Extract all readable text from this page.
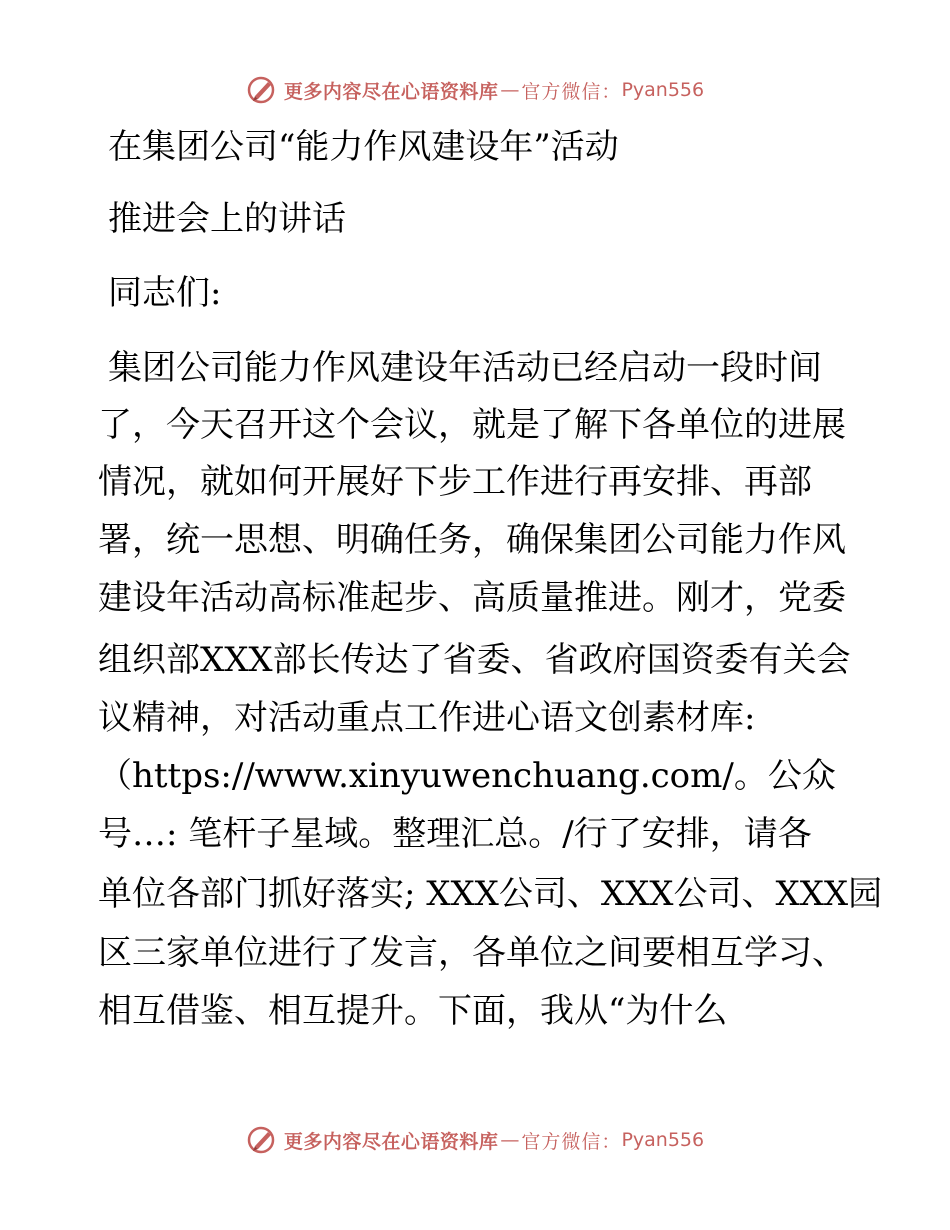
更多内容尽在心语资料库 — 官方微信： Pyan556
在集团公司“能力作风建设年”活动
推进会上的讲话
同志们:
集团公司能力作风建设年活动已经启动一段时间
了，今天召开这个会议，就是了解下各单位的进展
情况，就如何开展好下步工作进行再安排、再部
署，统一思想、明确任务，确保集团公司能力作风
建设年活动高标准起步、高质量推进。刚才，党委
组织部XXX部长传达了省委、省政府国资委有关会
议精神，对活动重点工作进心语文创素材库:
（https://www.xinyuwenchuang.com/。公众
号…: 笔杆子星域。整理汇总。/行了安排，请各
单位各部门抓好落实; XXX公司、XXX公司、XXX园
区三家单位进行了发言，各单位之间要相互学习、
相互借鉴、相互提升。下面，我从“为什么
更多内容尽在心语资料库 — 官方微信： Pyan556
